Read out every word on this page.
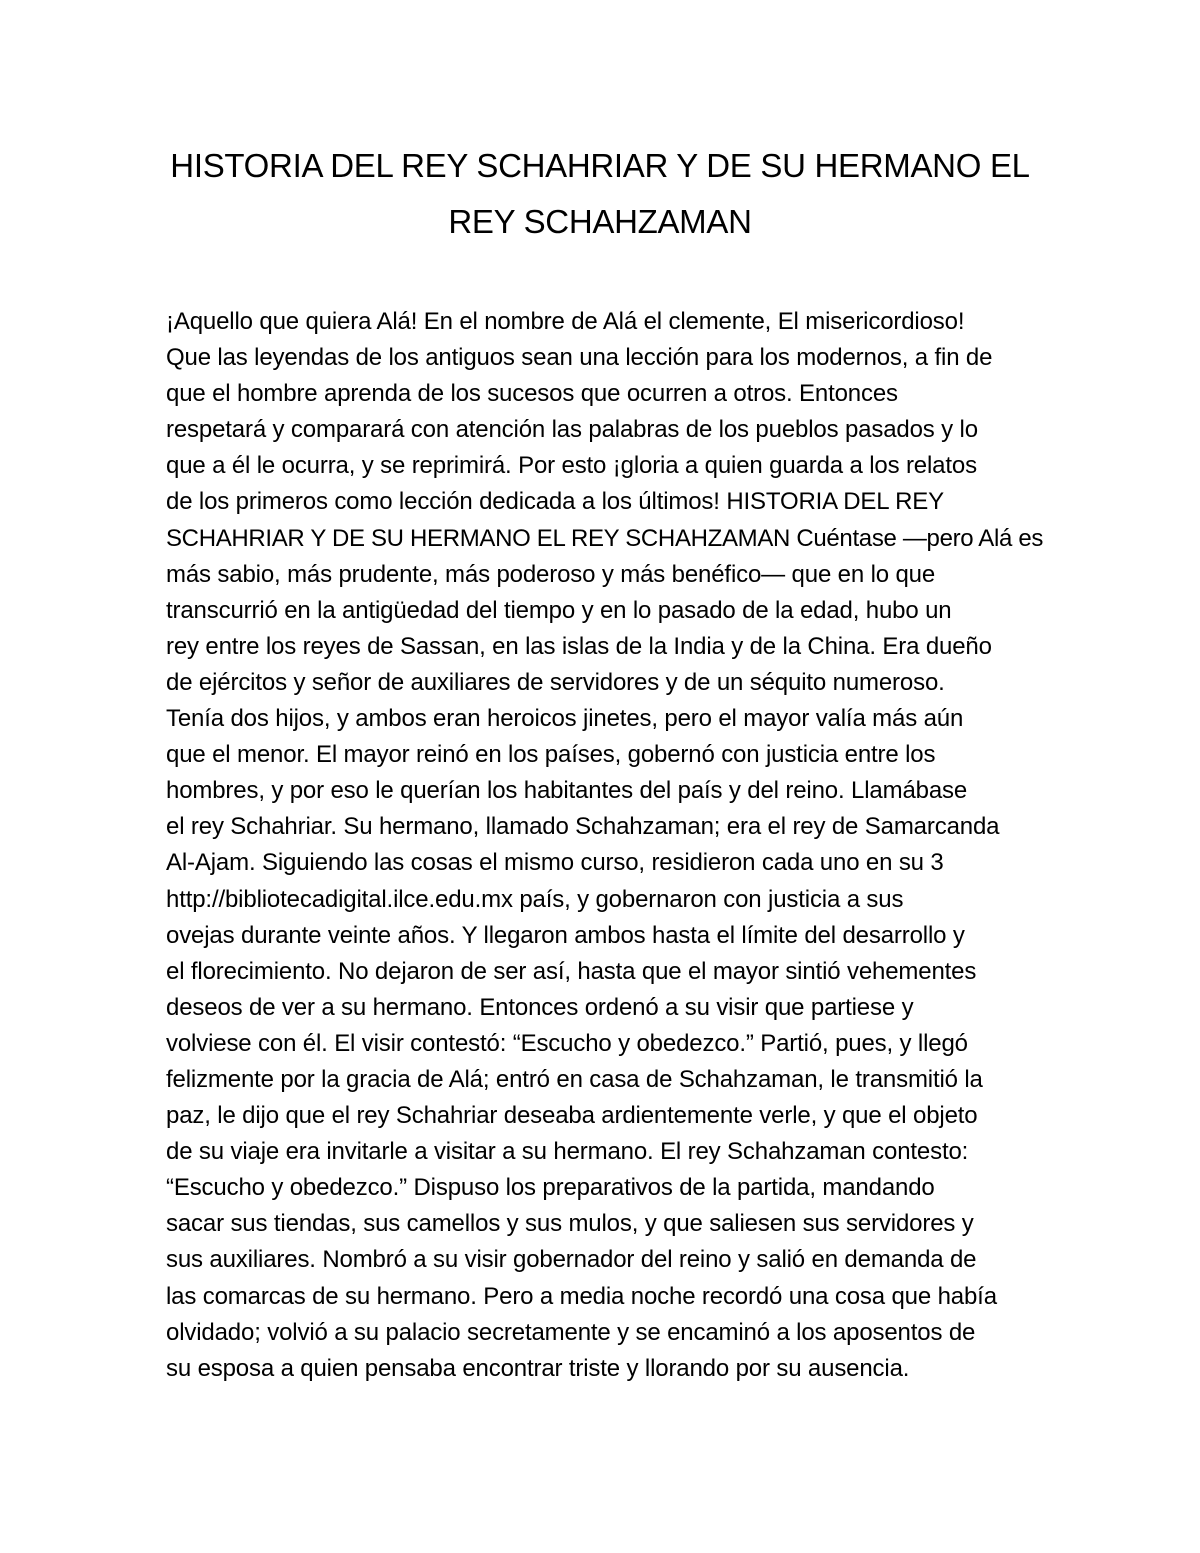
HISTORIA DEL REY SCHAHRIAR Y DE SU HERMANO EL
REY SCHAHZAMAN
¡Aquello que quiera Alá! En el nombre de Alá el clemente, El misericordioso!
Que las leyendas de los antiguos sean una lección para los modernos, a fin de
que el hombre aprenda de los sucesos que ocurren a otros. Entonces
respetará y comparará con atención las palabras de los pueblos pasados y lo
que a él le ocurra, y se reprimirá. Por esto ¡gloria a quien guarda a los relatos
de los primeros como lección dedicada a los últimos! HISTORIA DEL REY
SCHAHRIAR Y DE SU HERMANO EL REY SCHAHZAMAN Cuéntase —pero Alá es
más sabio, más prudente, más poderoso y más benéfico— que en lo que
transcurrió en la antigüedad del tiempo y en lo pasado de la edad, hubo un
rey entre los reyes de Sassan, en las islas de la India y de la China. Era dueño
de ejércitos y señor de auxiliares de servidores y de un séquito numeroso.
Tenía dos hijos, y ambos eran heroicos jinetes, pero el mayor valía más aún
que el menor. El mayor reinó en los países, gobernó con justicia entre los
hombres, y por eso le querían los habitantes del país y del reino. Llamábase
el rey Schahriar. Su hermano, llamado Schahzaman; era el rey de Samarcanda
Al-Ajam. Siguiendo las cosas el mismo curso, residieron cada uno en su 3
http://bibliotecadigital.ilce.edu.mx país, y gobernaron con justicia a sus
ovejas durante veinte años. Y llegaron ambos hasta el límite del desarrollo y
el florecimiento. No dejaron de ser así, hasta que el mayor sintió vehementes
deseos de ver a su hermano. Entonces ordenó a su visir que partiese y
volviese con él. El visir contestó: “Escucho y obedezco.” Partió, pues, y llegó
felizmente por la gracia de Alá; entró en casa de Schahzaman, le transmitió la
paz, le dijo que el rey Schahriar deseaba ardientemente verle, y que el objeto
de su viaje era invitarle a visitar a su hermano. El rey Schahzaman contesto:
“Escucho y obedezco.” Dispuso los preparativos de la partida, mandando
sacar sus tiendas, sus camellos y sus mulos, y que saliesen sus servidores y
sus auxiliares. Nombró a su visir gobernador del reino y salió en demanda de
las comarcas de su hermano. Pero a media noche recordó una cosa que había
olvidado; volvió a su palacio secretamente y se encaminó a los aposentos de
su esposa a quien pensaba encontrar triste y llorando por su ausencia.
